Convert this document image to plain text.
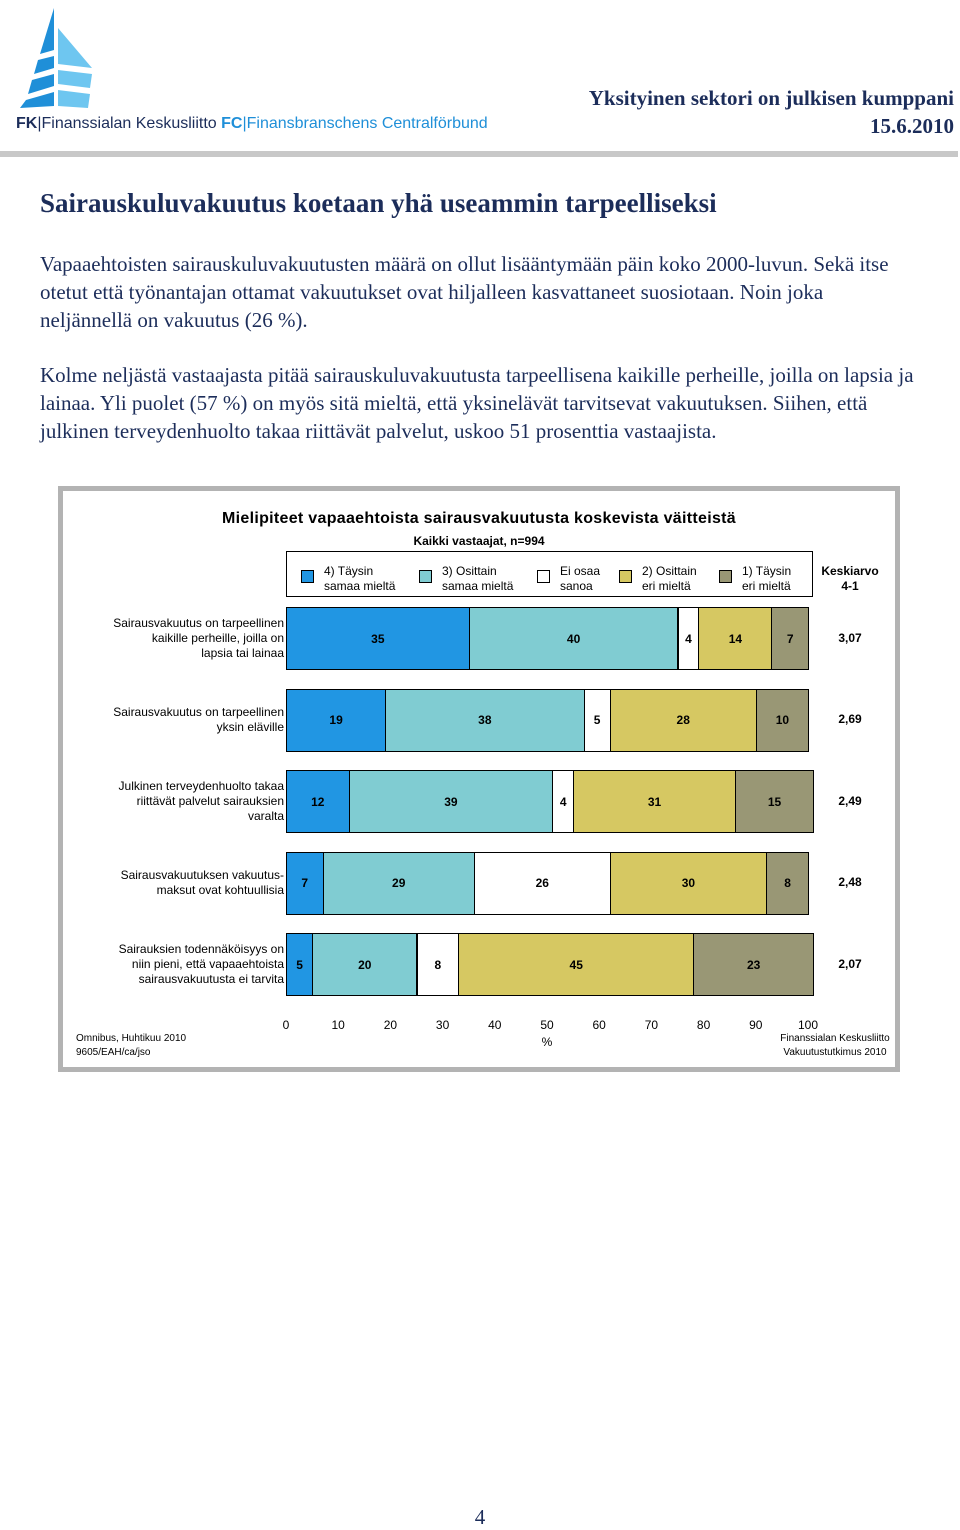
FK|Finanssialan Keskusliitto FC|Finansbranschens Centralförbund
Yksityinen sektori on julkisen kumppani
15.6.2010
Sairauskuluvakuutus koetaan yhä useammin tarpeelliseksi

Vapaaehtoisten sairauskuluvakuutusten määrä on ollut lisääntymään päin koko 2000-luvun. Sekä itse otetut että työnantajan ottamat vakuutukset ovat hiljalleen kasvattaneet suosiotaan. Noin joka neljännellä on vakuutus (26 %).

Kolme neljästä vastaajasta pitää sairauskuluvakuutusta tarpeellisena kaikille perheille, joilla on lapsia ja lainaa. Yli puolet (57 %) on myös sitä mieltä, että yksinelävät tarvitsevat vakuutuksen. Siihen, että julkinen terveydenhuolto takaa riittävät palvelut, uskoo 51 prosenttia vastaajista.

Mielipiteet vapaaehtoista sairausvakuutusta koskevista väitteistä
Kaikki vastaajat, n=994
4) Täysin
samaa mieltä
3) Osittain
samaa mieltä
Ei osaa
sanoa
2) Osittain
eri mieltä
1) Täysin
eri mieltä
Keskiarvo
4-1
Omnibus, Huhtikuu 2010
9605/EAH/ca/jso
Finanssialan Keskusliitto
Vakuutustutkimus 2010
Sairausvakuutus on tarpeellinen
kaikille perheille, joilla on
lapsia tai lainaa
35	40	4	14	7	3,07
Sairausvakuutus on tarpeellinen
yksin eläville	19	38	5	28	10	2,69
Julkinen terveydenhuolto takaa
riittävät palvelut sairauksien
varalta
12	39	4	31	15	2,49
Sairausvakuutuksen vakuutus-
maksut ovat kohtuullisia	7	29	26	30	8	2,48
Sairauksien todennäköisyys on
niin pieni, että vapaaehtoista
sairausvakuutusta ei tarvita
5	20	8	45	23	2,07
0	10	20	30	40	50	60	70	80	90	100
%
4
